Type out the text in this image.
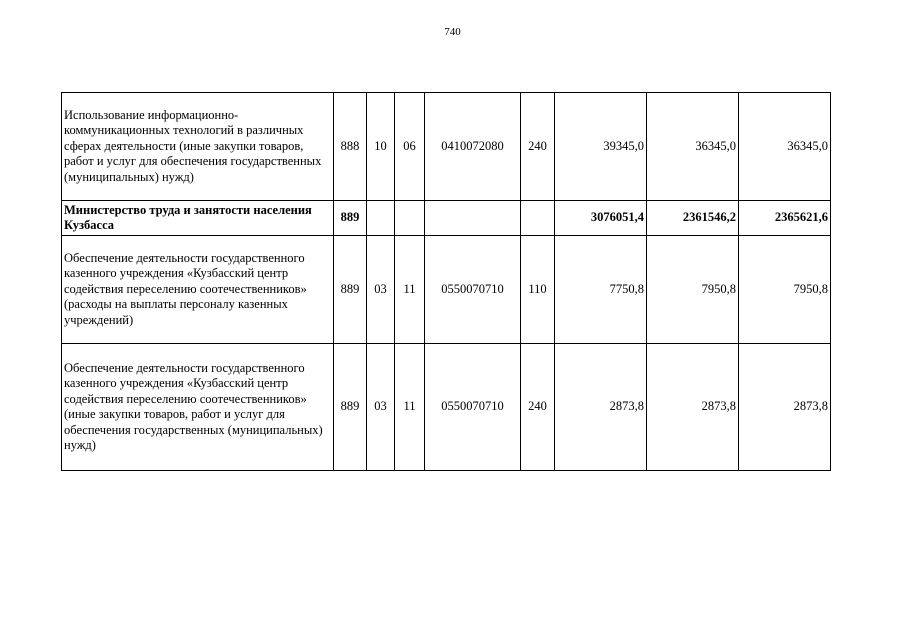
740
Использование информационно-коммуникационных технологий в различных сферах деятельности (иные закупки товаров, работ и услуг для обеспечения государственных (муниципальных) нужд)	888	10	06	0410072080	240	39345,0	36345,0	36345,0
Министерство труда и занятости населения Кузбасса	889					3076051,4	2361546,2	2365621,6
Обеспечение деятельности государственного казенного учреждения «Кузбасский центр содействия переселению соотечественников» (расходы на выплаты персоналу казенных учреждений)	889	03	11	0550070710	110	7750,8	7950,8	7950,8
Обеспечение деятельности государственного казенного учреждения «Кузбасский центр содействия переселению соотечественников» (иные закупки товаров, работ и услуг для обеспечения государственных (муниципальных) нужд)	889	03	11	0550070710	240	2873,8	2873,8	2873,8
